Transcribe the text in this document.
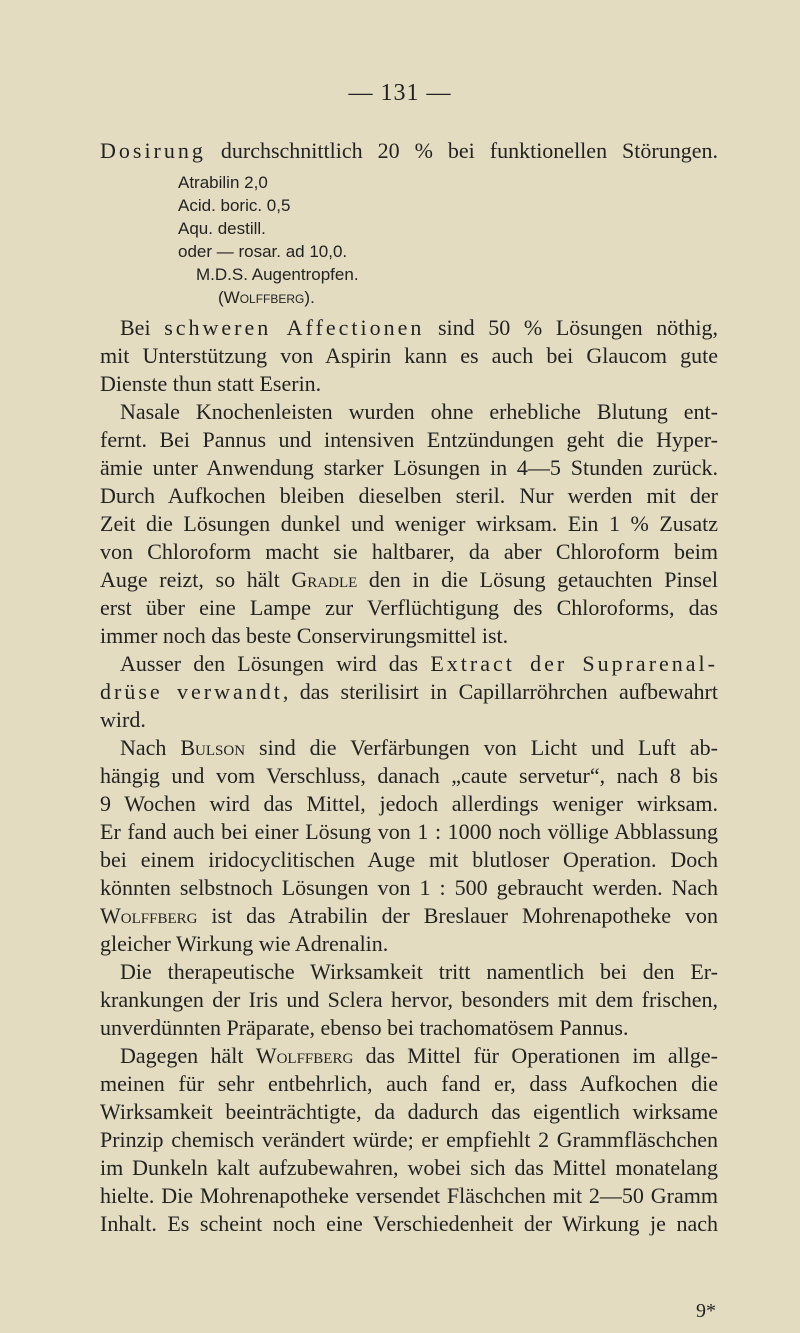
— 131 —
Dosirung durchschnittlich 20 % bei funktionellen Störungen.
Atrabilin 2,0
Acid. boric. 0,5
Aqu. destill.
oder — rosar. ad 10,0.
M.D.S. Augentropfen.
(Wolffberg).
Bei schweren Affectionen sind 50 % Lösungen nöthig,
mit Unterstützung von Aspirin kann es auch bei Glaucom gute
Dienste thun statt Eserin.
Nasale Knochenleisten wurden ohne erhebliche Blutung ent-
fernt. Bei Pannus und intensiven Entzündungen geht die Hyper-
ämie unter Anwendung starker Lösungen in 4—5 Stunden zurück.
Durch Aufkochen bleiben dieselben steril. Nur werden mit der
Zeit die Lösungen dunkel und weniger wirksam. Ein 1 % Zusatz
von Chloroform macht sie haltbarer, da aber Chloroform beim
Auge reizt, so hält Gradle den in die Lösung getauchten Pinsel
erst über eine Lampe zur Verflüchtigung des Chloroforms, das
immer noch das beste Conservirungsmittel ist.
Ausser den Lösungen wird das Extract der Suprarenal-
drüse verwandt, das sterilisirt in Capillarröhrchen aufbewahrt
wird.
Nach Bulson sind die Verfärbungen von Licht und Luft ab-
hängig und vom Verschluss, danach „caute servetur“, nach 8 bis
9 Wochen wird das Mittel, jedoch allerdings weniger wirksam.
Er fand auch bei einer Lösung von 1 : 1000 noch völlige Abblassung
bei einem iridocyclitischen Auge mit blutloser Operation. Doch
könnten selbstnoch Lösungen von 1 : 500 gebraucht werden. Nach
Wolffberg ist das Atrabilin der Breslauer Mohrenapotheke von
gleicher Wirkung wie Adrenalin.
Die therapeutische Wirksamkeit tritt namentlich bei den Er-
krankungen der Iris und Sclera hervor, besonders mit dem frischen,
unverdünnten Präparate, ebenso bei trachomatösem Pannus.
Dagegen hält Wolffberg das Mittel für Operationen im allge-
meinen für sehr entbehrlich, auch fand er, dass Aufkochen die
Wirksamkeit beeinträchtigte, da dadurch das eigentlich wirksame
Prinzip chemisch verändert würde; er empfiehlt 2 Grammfläschchen
im Dunkeln kalt aufzubewahren, wobei sich das Mittel monatelang
hielte. Die Mohrenapotheke versendet Fläschchen mit 2—50 Gramm
Inhalt. Es scheint noch eine Verschiedenheit der Wirkung je nach
9*
